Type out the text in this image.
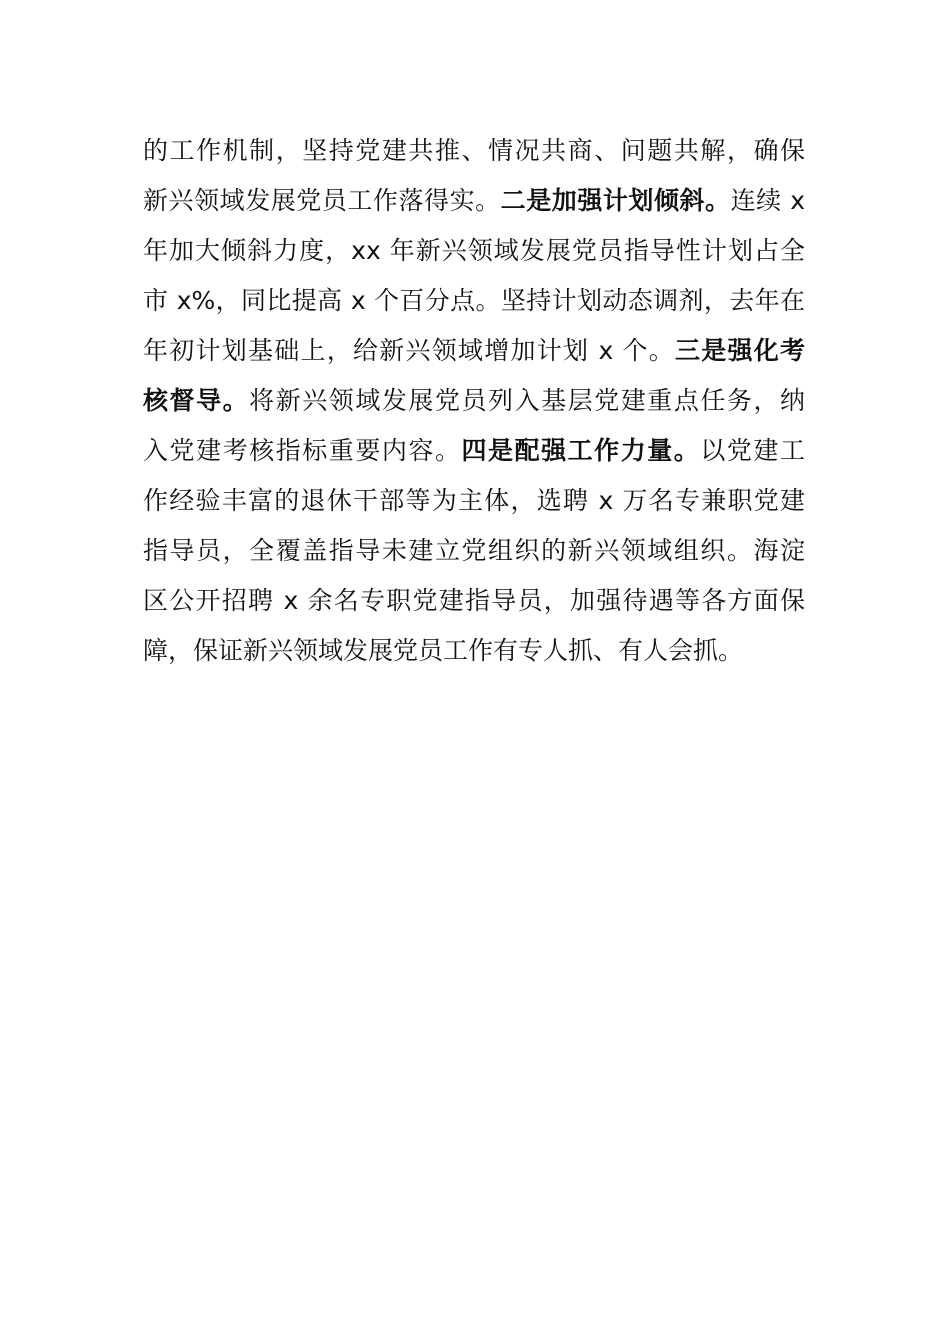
的工作机制，坚持党建共推、情况共商、问题共解，确保
新兴领域发展党员工作落得实。二是加强计划倾斜。连续 x
年加大倾斜力度，xx 年新兴领域发展党员指导性计划占全
市 x%，同比提高 x 个百分点。坚持计划动态调剂，去年在
年初计划基础上，给新兴领域增加计划 x 个。三是强化考
核督导。将新兴领域发展党员列入基层党建重点任务，纳
入党建考核指标重要内容。四是配强工作力量。以党建工
作经验丰富的退休干部等为主体，选聘 x 万名专兼职党建
指导员，全覆盖指导未建立党组织的新兴领域组织。海淀
区公开招聘 x 余名专职党建指导员，加强待遇等各方面保
障，保证新兴领域发展党员工作有专人抓、有人会抓。
